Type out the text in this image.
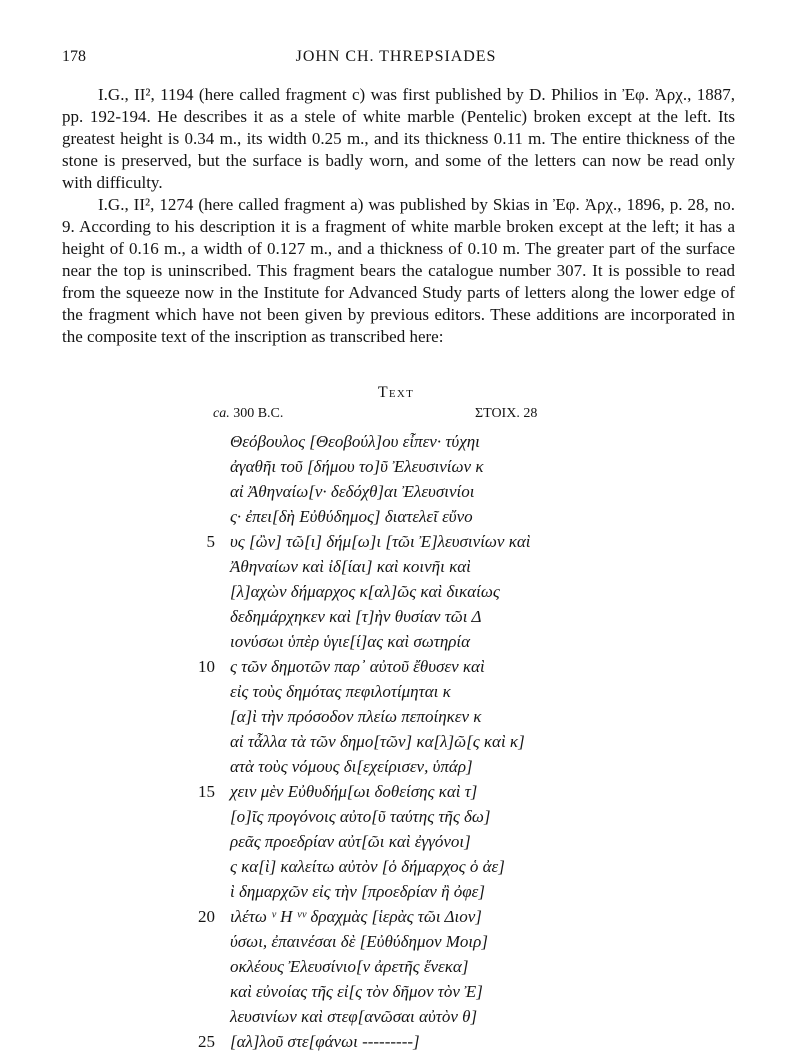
178	JOHN CH. THREPSIADES

I.G., II², 1194 (here called fragment c) was first published by D. Philios in Ἐφ. Ἀρχ., 1887, pp. 192-194. He describes it as a stele of white marble (Pentelic) broken except at the left. Its greatest height is 0.34 m., its width 0.25 m., and its thickness 0.11 m. The entire thickness of the stone is preserved, but the surface is badly worn, and some of the letters can now be read only with difficulty.

I.G., II², 1274 (here called fragment a) was published by Skias in Ἐφ. Ἀρχ., 1896, p. 28, no. 9. According to his description it is a fragment of white marble broken except at the left; it has a height of 0.16 m., a width of 0.127 m., and a thickness of 0.10 m. The greater part of the surface near the top is uninscribed. This fragment bears the catalogue number 307. It is possible to read from the squeeze now in the Institute for Advanced Study parts of letters along the lower edge of the fragment which have not been given by previous editors. These additions are incorporated in the composite text of the inscription as transcribed here:

Text
ca. 300 B.C.	ΣΤΟΙΧ. 28
Θεόβουλος [Θεοβούλ]ου εἶπεν· τύχηι
ἀγαθῆι τοῦ [δήμου το]ῦ Ἐλευσινίων κ
αἰ Ἀθηναίω[ν· δεδόχθ]αι Ἐλευσινίοι
ς· ἐπει[δὴ Εὐθύδημος] διατελεῖ εὔνο
5 υς [ὢν] τῶ[ι] δήμ[ω]ι [τῶι Ἐ]λευσινίων καὶ
Ἀθηναίων καὶ ἰδ[ίαι] καὶ κοινῆι καὶ
[λ]αχὼν δήμαρχος κ[αλ]ῶς καὶ δικαίως
δεδημάρχηκεν καὶ [τ]ὴν θυσίαν τῶι Δ
ιονύσωι ὑπὲρ ὑγιε[ί]ας καὶ σωτηρία
10 ς τῶν δημοτῶν παρ᾽ αὐτοῦ ἔθυσεν καὶ
εἰς τοὺς δημότας πεφιλοτίμηται κ
[α]ὶ τὴν πρόσοδον πλείω πεποίηκεν κ
αἰ τἆλλα τὰ τῶν δημο[τῶν] κα[λ]ῶ[ς καὶ κ]
ατὰ τοὺς νόμους δι[εχείρισεν, ὑπάρ]
15 χειν μὲν Εὐθυδήμ[ωι δοθείσης καὶ τ]
[ο]ῖς προγόνοις αὐτο[ῦ ταύτης τῆς δω]
ρεᾶς προεδρίαν αὐτ[ῶι καὶ ἐγγόνοι]
ς κα[ὶ] καλείτω αὐτὸν [ὁ δήμαρχος ὁ ἀε]
ὶ δημαρχῶν εἰς τὴν [προεδρίαν ἢ ὀφε]
20 ιλέτω ᵛ Η ᵛᵛ δραχμὰς [ἱερὰς τῶι Διον]
ύσωι, ἐπαινέσαι δὲ [Εὐθύδημον Μοιρ]
οκλέους Ἐλευσίνιο[ν ἀρετῆς ἕνεκα]
καὶ εὐνοίας τῆς εἰ[ς τὸν δῆμον τὸν Ἐ]
λευσινίων καὶ στεφ[ανῶσαι αὐτὸν θ]
25 [αλ]λοῦ στε[φάνωι ---------]
